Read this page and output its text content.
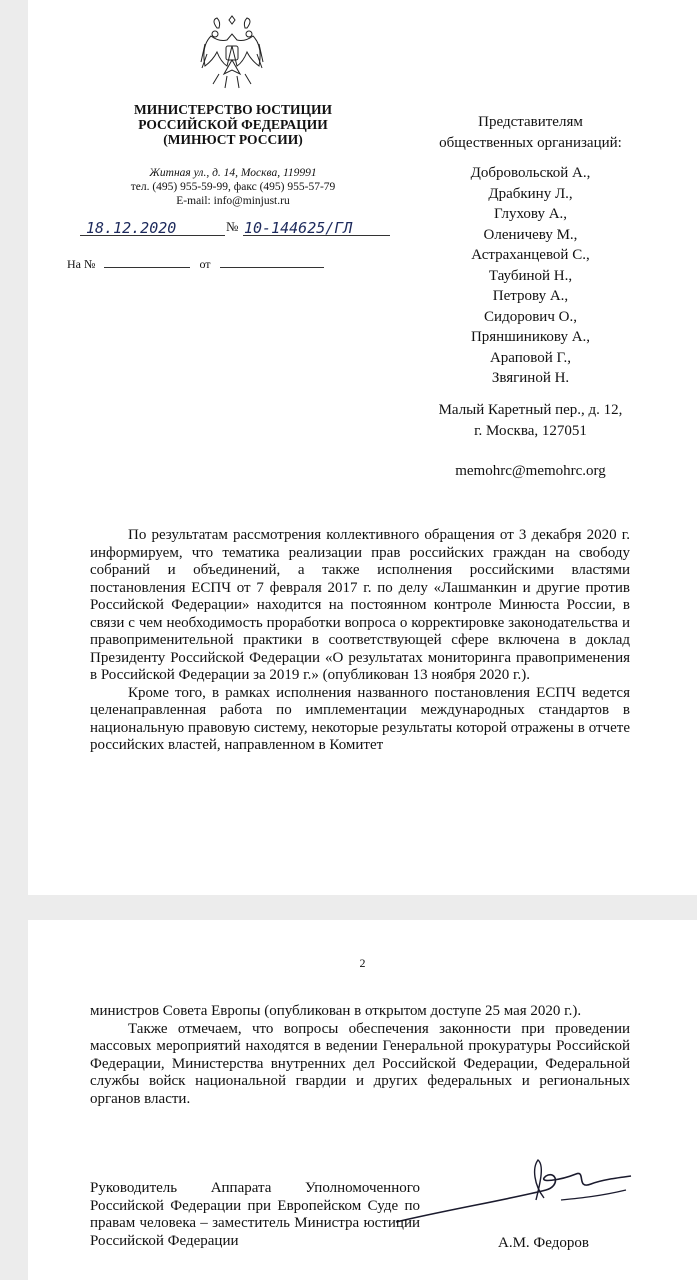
МИНИСТЕРСТВО ЮСТИЦИИ
РОССИЙСКОЙ ФЕДЕРАЦИИ
(МИНЮСТ РОССИИ)
Житная ул., д. 14, Москва, 119991
тел. (495) 955-59-99, факс (495) 955-57-79
E-mail: info@minjust.ru
18.12.2020	№ 10-144625/ГЛ
На №	от
Представителям
общественных организаций:
Добровольской А.,
Драбкину Л.,
Глухову А.,
Оленичеву М.,
Астраханцевой С.,
Таубиной Н.,
Петрову А.,
Сидорович О.,
Пряншиникову А.,
Араповой Г.,
Звягиной Н.
Малый Каретный пер., д. 12,
г. Москва, 127051
memohrc@memohrc.org

По результатам рассмотрения коллективного обращения от 3 декабря 2020 г. информируем, что тематика реализации прав российских граждан на свободу собраний и объединений, а также исполнения российскими властями постановления ЕСПЧ от 7 февраля 2017 г. по делу «Лашманкин и другие против Российской Федерации» находится на постоянном контроле Минюста России, в связи с чем необходимость проработки вопроса о корректировке законодательства и правоприменительной практики в соответствующей сфере включена в доклад Президенту Российской Федерации «О результатах мониторинга правоприменения в Российской Федерации за 2019 г.» (опубликован 13 ноября 2020 г.).

Кроме того, в рамках исполнения названного постановления ЕСПЧ ведется целенаправленная работа по имплементации международных стандартов в национальную правовую систему, некоторые результаты которой отражены в отчете российских властей, направленном в Комитет

2

министров Совета Европы (опубликован в открытом доступе 25 мая 2020 г.).

Также отмечаем, что вопросы обеспечения законности при проведении массовых мероприятий находятся в ведении Генеральной прокуратуры Российской Федерации, Министерства внутренних дел Российской Федерации, Федеральной службы войск национальной гвардии и других федеральных и региональных органов власти.

Руководитель Аппарата Уполномоченного Российской Федерации при Европейском Суде по правам человека – заместитель Министра юстиции Российской Федерации	А.М. Федоров
